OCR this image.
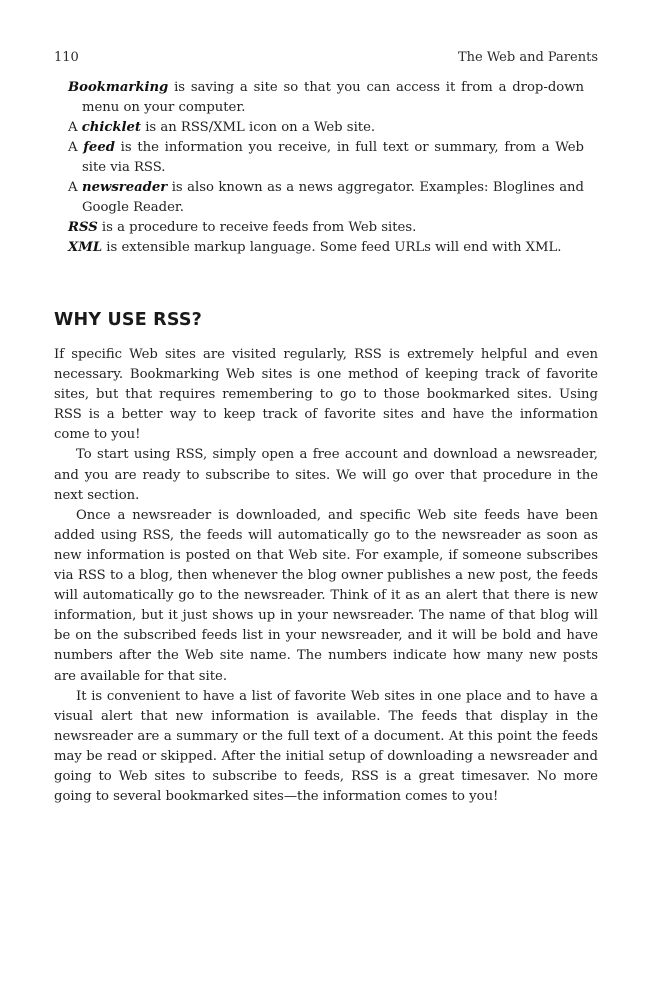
110	The Web and Parents
Bookmarking is saving a site so that you can access it from a drop-down menu on your computer.
A chicklet is an RSS/XML icon on a Web site.
A feed is the information you receive, in full text or summary, from a Web site via RSS.
A newsreader is also known as a news aggregator. Examples: Bloglines and Google Reader.
RSS is a procedure to receive feeds from Web sites.
XML is extensible markup language. Some feed URLs will end with XML.
WHY USE RSS?

If specific Web sites are visited regularly, RSS is extremely helpful and even necessary. Bookmarking Web sites is one method of keeping track of favorite sites, but that requires remembering to go to those bookmarked sites. Using RSS is a better way to keep track of favorite sites and have the information come to you!

To start using RSS, simply open a free account and download a newsreader, and you are ready to subscribe to sites. We will go over that procedure in the next section.

Once a newsreader is downloaded, and specific Web site feeds have been added using RSS, the feeds will automatically go to the newsreader as soon as new information is posted on that Web site. For example, if someone subscribes via RSS to a blog, then whenever the blog owner publishes a new post, the feeds will automatically go to the newsreader. Think of it as an alert that there is new information, but it just shows up in your newsreader. The name of that blog will be on the subscribed feeds list in your newsreader, and it will be bold and have numbers after the Web site name. The numbers indicate how many new posts are available for that site.

It is convenient to have a list of favorite Web sites in one place and to have a visual alert that new information is available. The feeds that display in the newsreader are a summary or the full text of a document. At this point the feeds may be read or skipped. After the initial setup of downloading a newsreader and going to Web sites to subscribe to feeds, RSS is a great timesaver. No more going to several bookmarked sites—the information comes to you!
